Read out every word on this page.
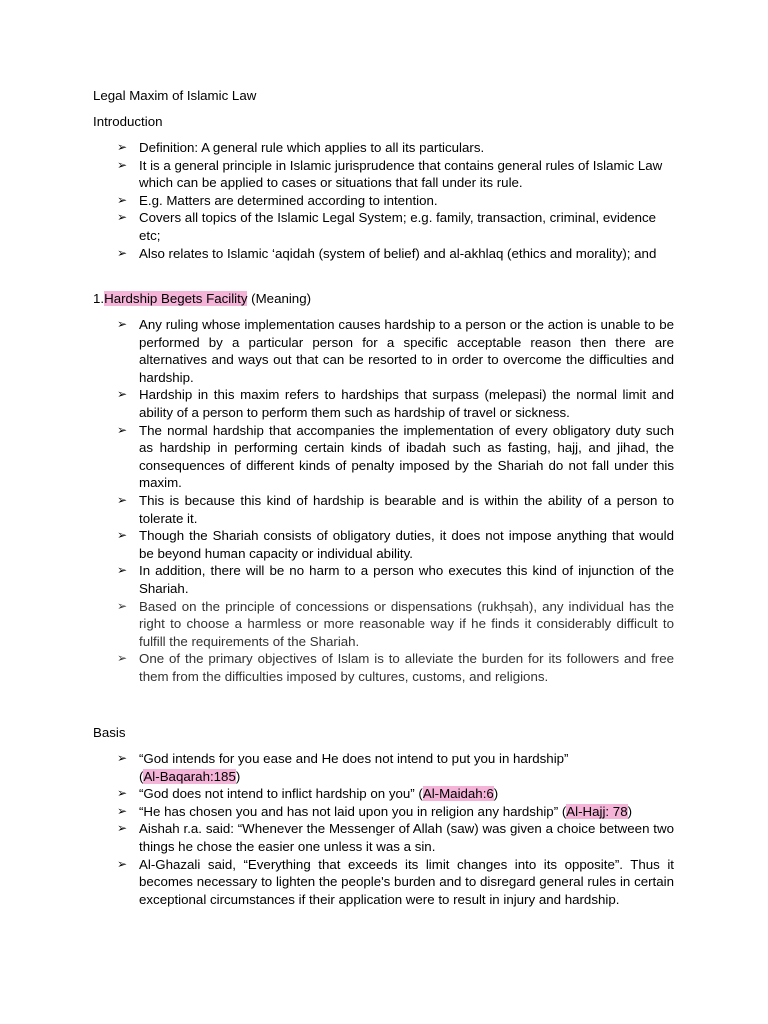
Legal Maxim of Islamic Law

Introduction

➢ Definition: A general rule which applies to all its particulars.
➢ It is a general principle in Islamic jurisprudence that contains general rules of Islamic Law which can be applied to cases or situations that fall under its rule.
➢ E.g. Matters are determined according to intention.
➢ Covers all topics of the Islamic Legal System; e.g. family, transaction, criminal, evidence etc;
➢ Also relates to Islamic ‘aqidah (system of belief) and al-akhlaq (ethics and morality); and

1.Hardship Begets Facility (Meaning)

➢ Any ruling whose implementation causes hardship to a person or the action is unable to be performed by a particular person for a specific acceptable reason then there are alternatives and ways out that can be resorted to in order to overcome the difficulties and hardship.
➢ Hardship in this maxim refers to hardships that surpass (melepasi) the normal limit and ability of a person to perform them such as hardship of travel or sickness.
➢ The normal hardship that accompanies the implementation of every obligatory duty such as hardship in performing certain kinds of ibadah such as fasting, hajj, and jihad, the consequences of different kinds of penalty imposed by the Shariah do not fall under this maxim.
➢ This is because this kind of hardship is bearable and is within the ability of a person to tolerate it.
➢ Though the Shariah consists of obligatory duties, it does not impose anything that would be beyond human capacity or individual ability.
➢ In addition, there will be no harm to a person who executes this kind of injunction of the Shariah.
➢ Based on the principle of concessions or dispensations (rukhṣah), any individual has the right to choose a harmless or more reasonable way if he finds it considerably difficult to fulfill the requirements of the Shariah.
➢ One of the primary objectives of Islam is to alleviate the burden for its followers and free them from the difficulties imposed by cultures, customs, and religions.

Basis

➢ “God intends for you ease and He does not intend to put you in hardship”
(Al-Baqarah:185)
➢ “God does not intend to inflict hardship on you” (Al-Maidah:6)
➢ “He has chosen you and has not laid upon you in religion any hardship” (Al-Hajj: 78)
➢ Aishah r.a. said: “Whenever the Messenger of Allah (saw) was given a choice between two things he chose the easier one unless it was a sin.
➢ Al-Ghazali said, “Everything that exceeds its limit changes into its opposite”. Thus it becomes necessary to lighten the people's burden and to disregard general rules in certain exceptional circumstances if their application were to result in injury and hardship.
